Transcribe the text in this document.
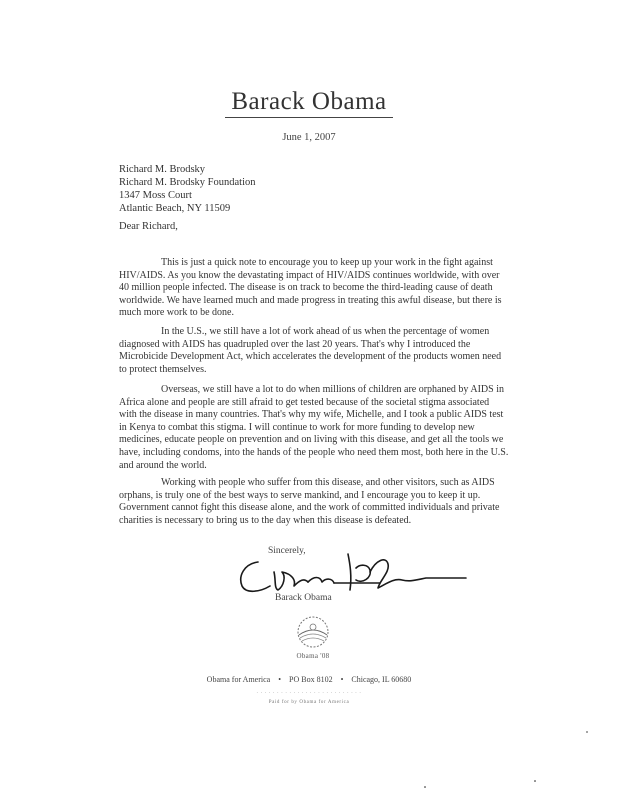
Barack Obama
June 1, 2007
Richard M. Brodsky
Richard M. Brodsky Foundation
1347 Moss Court
Atlantic Beach, NY 11509
Dear Richard,

This is just a quick note to encourage you to keep up your work in the fight against HIV/AIDS. As you know the devastating impact of HIV/AIDS continues worldwide, with over 40 million people infected. The disease is on track to become the third-leading cause of death worldwide. We have learned much and made progress in treating this awful disease, but there is much more work to be done.

In the U.S., we still have a lot of work ahead of us when the percentage of women diagnosed with AIDS has quadrupled over the last 20 years. That's why I introduced the Microbicide Development Act, which accelerates the development of the products women need to protect themselves.

Overseas, we still have a lot to do when millions of children are orphaned by AIDS in Africa alone and people are still afraid to get tested because of the societal stigma associated with the disease in many countries. That's why my wife, Michelle, and I took a public AIDS test in Kenya to combat this stigma. I will continue to work for more funding to develop new medicines, educate people on prevention and on living with this disease, and get all the tools we have, including condoms, into the hands of the people who need them most, both here in the U.S. and around the world.

Working with people who suffer from this disease, and other visitors, such as AIDS orphans, is truly one of the best ways to serve mankind, and I encourage you to keep it up. Government cannot fight this disease alone, and the work of committed individuals and private charities is necessary to bring us to the day when this disease is defeated.

Sincerely,
Barack Obama
Obama '08
Obama for America • PO Box 8102 • Chicago, IL 60680
· · · · · · · · · · · · · · · · · · · · · · · · · ·
Paid for by Obama for America
